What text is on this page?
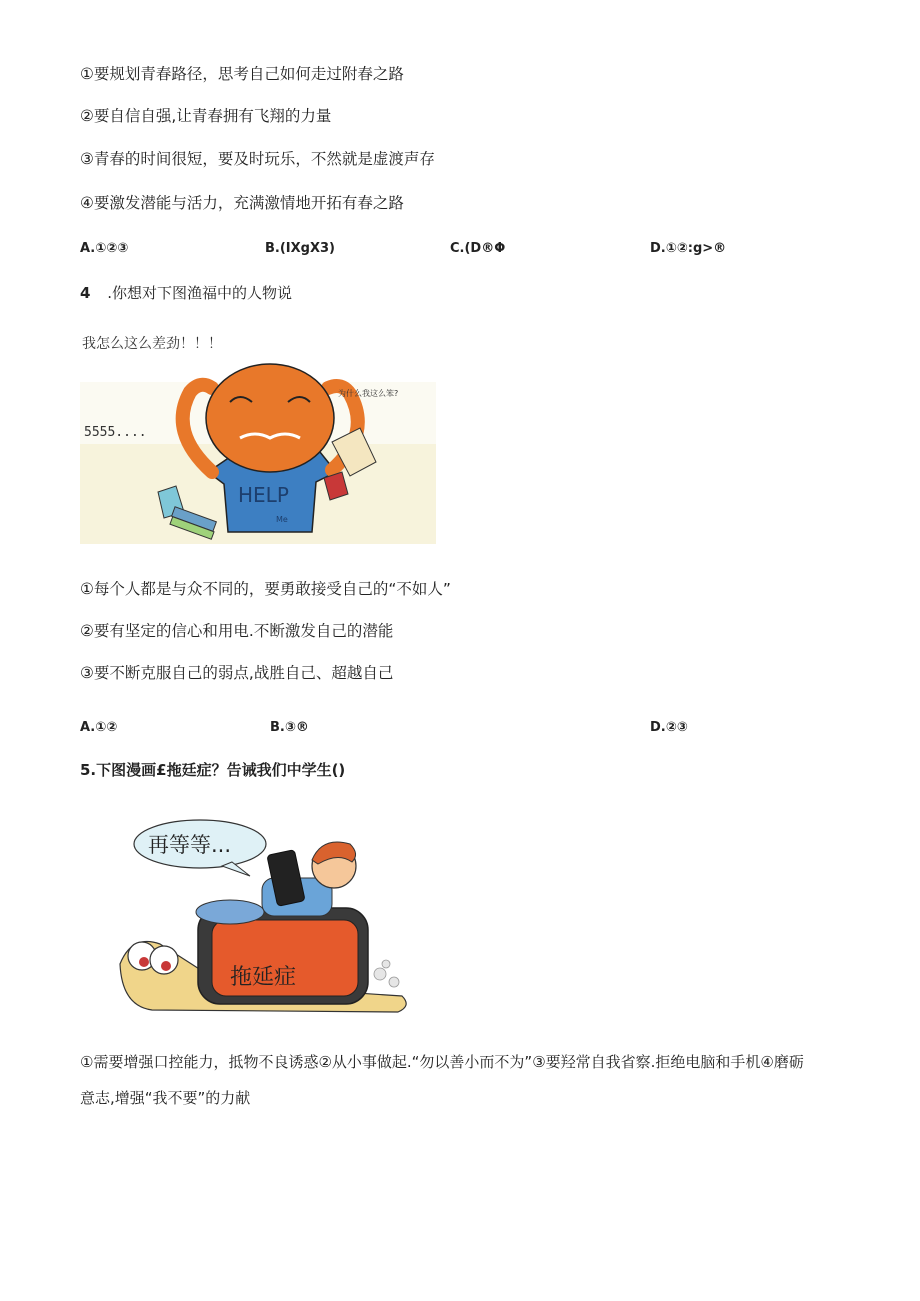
①要规划青春路径，思考自己如何走过附春之路
②要自信自强,让青春拥有飞翔的力量
③青春的时间很短，要及时玩乐，不然就是虚渡声存
④要激发潜能与活力，充满激情地开拓有春之路
A.①②③	B.(IXgX3)	C.(D®Φ	D.①②:g>®
4 .你想对下图渔福中的人物说
HELP
Me
我怎么这么差劲！！！
为什么我这么笨?
5555....
①每个人都是与众不同的，要勇敢接受自己的“不如人”
②要有坚定的信心和用电.不断激发自己的潜能
③要不断克服自己的弱点,战胜自己、超越自己
A.①②	B.③®	D.②③
5.下图漫画£拖廷症？告诫我们中学生()
再等等...
拖延症
①需要增强口控能力，抵物不良诱惑②从小事做起.“勿以善小而不为”③要羟常自我省察.拒绝电脑和手机④磨砺
意志,增强“我不要”的力献
